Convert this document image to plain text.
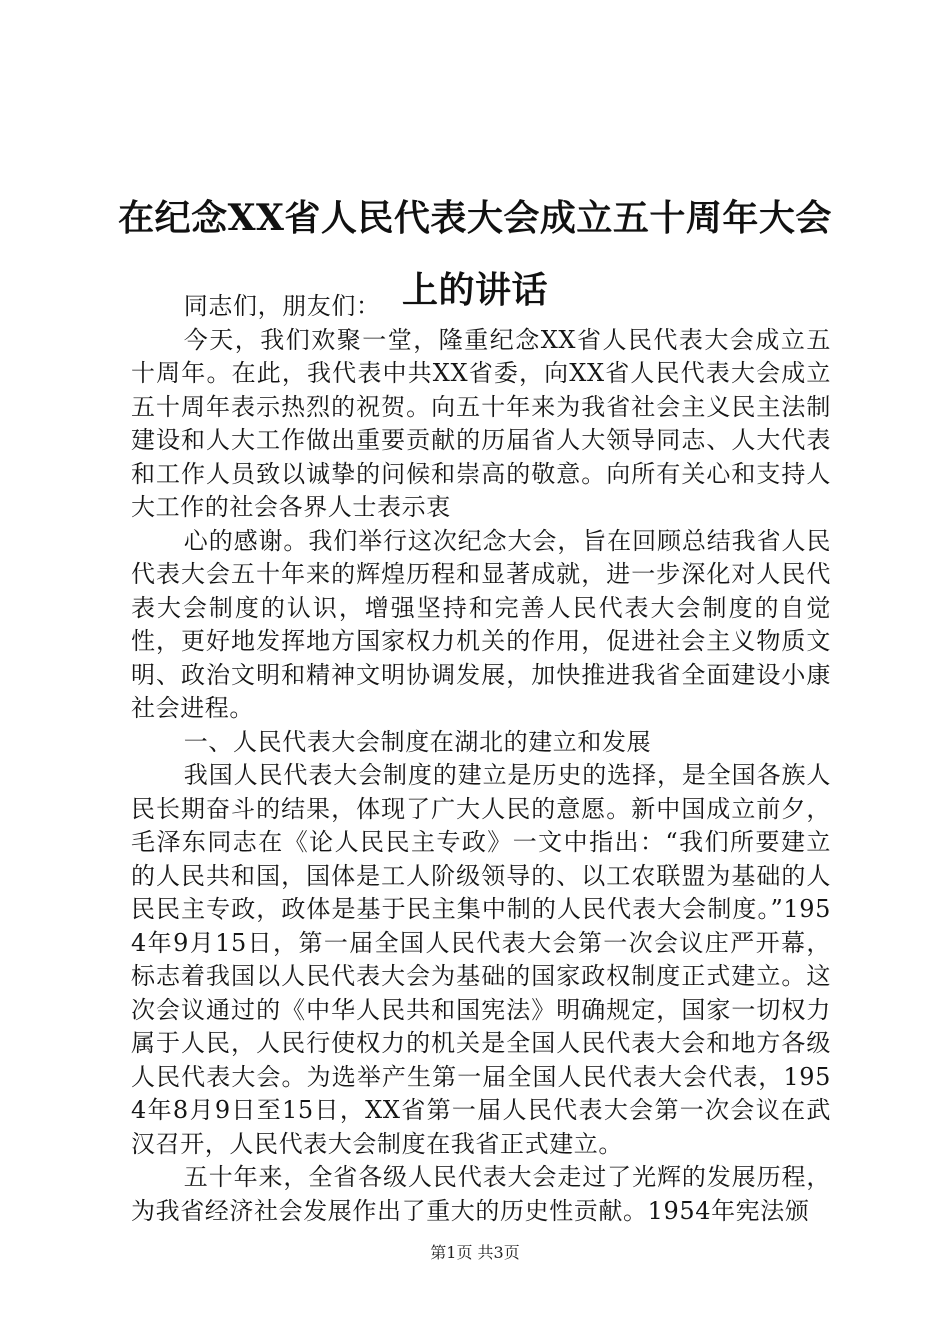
在纪念XX省人民代表大会成立五十周年大会上的讲话

同志们，朋友们：

今天，我们欢聚一堂，隆重纪念XX省人民代表大会成立五十周年。在此，我代表中共XX省委，向XX省人民代表大会成立五十周年表示热烈的祝贺。向五十年来为我省社会主义民主法制建设和人大工作做出重要贡献的历届省人大领导同志、人大代表和工作人员致以诚挚的问候和崇高的敬意。向所有关心和支持人大工作的社会各界人士表示衷

心的感谢。我们举行这次纪念大会，旨在回顾总结我省人民代表大会五十年来的辉煌历程和显著成就，进一步深化对人民代表大会制度的认识，增强坚持和完善人民代表大会制度的自觉性，更好地发挥地方国家权力机关的作用，促进社会主义物质文明、政治文明和精神文明协调发展，加快推进我省全面建设小康社会进程。

一、人民代表大会制度在湖北的建立和发展

我国人民代表大会制度的建立是历史的选择，是全国各族人民长期奋斗的结果，体现了广大人民的意愿。新中国成立前夕，毛泽东同志在《论人民民主专政》一文中指出：“我们所要建立的人民共和国，国体是工人阶级领导的、以工农联盟为基础的人民民主专政，政体是基于民主集中制的人民代表大会制度。”1954年9月15日，第一届全国人民代表大会第一次会议庄严开幕，标志着我国以人民代表大会为基础的国家政权制度正式建立。这次会议通过的《中华人民共和国宪法》明确规定，国家一切权力属于人民，人民行使权力的机关是全国人民代表大会和地方各级人民代表大会。为选举产生第一届全国人民代表大会代表，1954年8月9日至15日，XX省第一届人民代表大会第一次会议在武汉召开，人民代表大会制度在我省正式建立。

五十年来，全省各级人民代表大会走过了光辉的发展历程，为我省经济社会发展作出了重大的历史性贡献。1954年宪法颁

第1页 共3页
